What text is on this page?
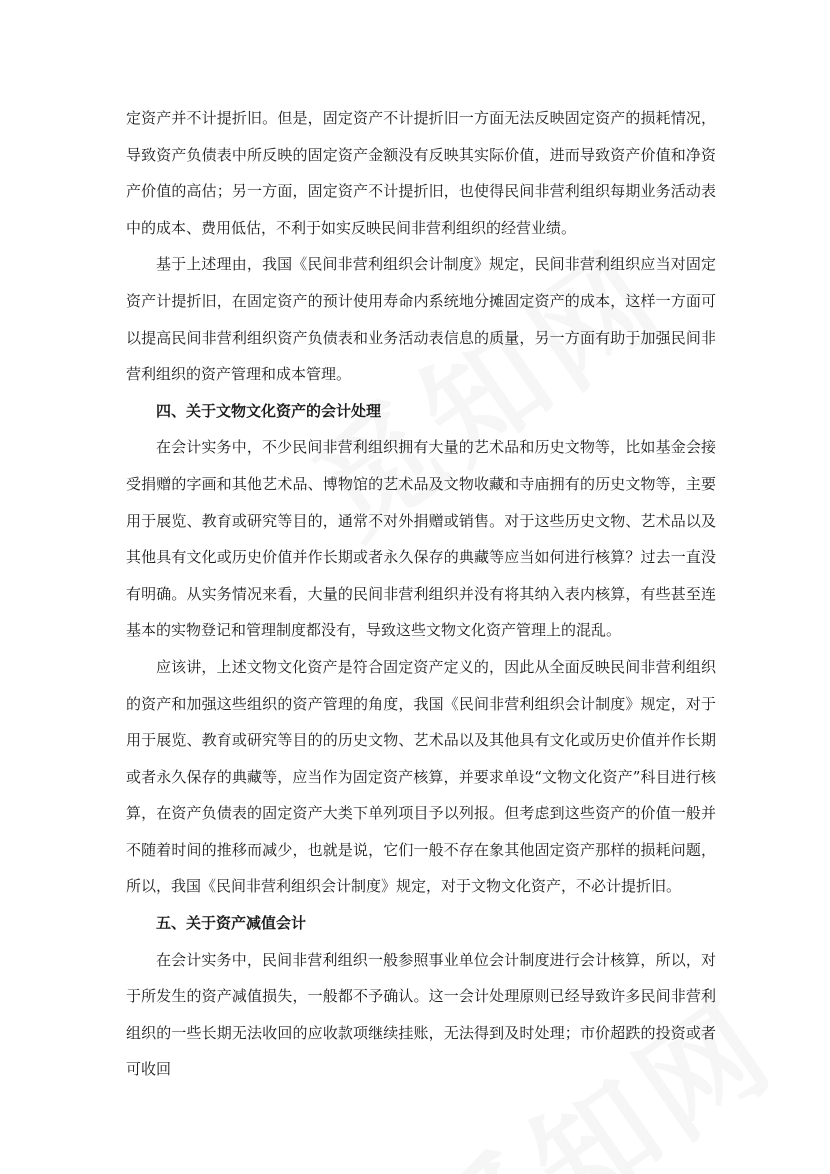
定资产并不计提折旧。但是，固定资产不计提折旧一方面无法反映固定资产的损耗情况，导致资产负债表中所反映的固定资产金额没有反映其实际价值，进而导致资产价值和净资产价值的高估；另一方面，固定资产不计提折旧，也使得民间非营利组织每期业务活动表中的成本、费用低估，不利于如实反映民间非营利组织的经营业绩。

基于上述理由，我国《民间非营利组织会计制度》规定，民间非营利组织应当对固定资产计提折旧，在固定资产的预计使用寿命内系统地分摊固定资产的成本，这样一方面可以提高民间非营利组织资产负债表和业务活动表信息的质量，另一方面有助于加强民间非营利组织的资产管理和成本管理。

四、关于文物文化资产的会计处理

在会计实务中，不少民间非营利组织拥有大量的艺术品和历史文物等，比如基金会接受捐赠的字画和其他艺术品、博物馆的艺术品及文物收藏和寺庙拥有的历史文物等，主要用于展览、教育或研究等目的，通常不对外捐赠或销售。对于这些历史文物、艺术品以及其他具有文化或历史价值并作长期或者永久保存的典藏等应当如何进行核算？过去一直没有明确。从实务情况来看，大量的民间非营利组织并没有将其纳入表内核算，有些甚至连基本的实物登记和管理制度都没有，导致这些文物文化资产管理上的混乱。

应该讲，上述文物文化资产是符合固定资产定义的，因此从全面反映民间非营利组织的资产和加强这些组织的资产管理的角度，我国《民间非营利组织会计制度》规定，对于用于展览、教育或研究等目的的历史文物、艺术品以及其他具有文化或历史价值并作长期或者永久保存的典藏等，应当作为固定资产核算，并要求单设“文物文化资产”科目进行核算，在资产负债表的固定资产大类下单列项目予以列报。但考虑到这些资产的价值一般并不随着时间的推移而减少，也就是说，它们一般不存在象其他固定资产那样的损耗问题，所以，我国《民间非营利组织会计制度》规定，对于文物文化资产，不必计提折旧。

五、关于资产减值会计

在会计实务中，民间非营利组织一般参照事业单位会计制度进行会计核算，所以，对于所发生的资产减值损失，一般都不予确认。这一会计处理原则已经导致许多民间非营利组织的一些长期无法收回的应收款项继续挂账，无法得到及时处理；市价超跌的投资或者可收回
